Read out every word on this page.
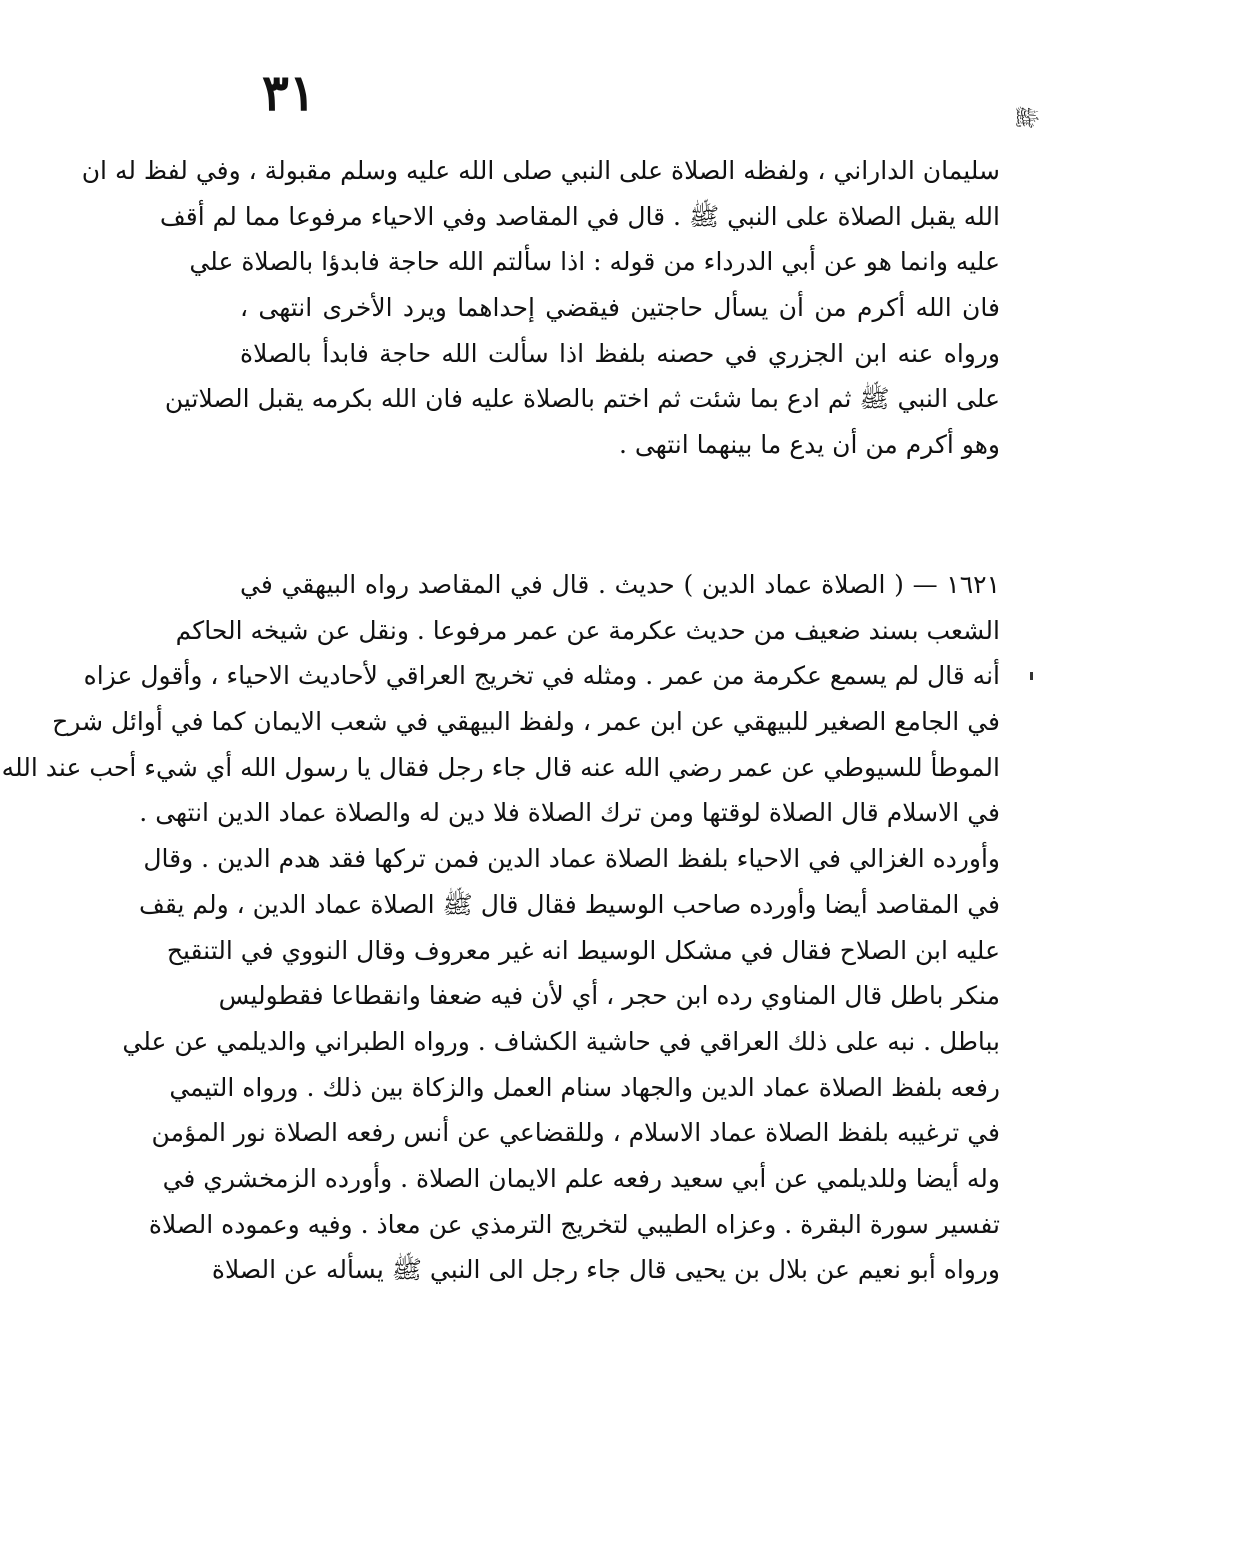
٣١	ﷺ
سليمان الداراني ، ولفظه الصلاة على النبي صلى الله عليه وسلم مقبولة ، وفي لفظ له ان
الله يقبل الصلاة على النبي ﷺ . قال في المقاصد وفي الاحياء مرفوعا مما لم أقف
عليه وانما هو عن أبي الدرداء من قوله : اذا سألتم الله حاجة فابدؤا بالصلاة علي
فان الله أكرم من أن يسأل حاجتين فيقضي إحداهما ويرد الأخرى انتهى ،
ورواه عنه ابن الجزري في حصنه بلفظ اذا سألت الله حاجة فابدأ بالصلاة
على النبي ﷺ ثم ادع بما شئت ثم اختم بالصلاة عليه فان الله بكرمه يقبل الصلاتين
وهو أكرم من أن يدع ما بينهما انتهى .
١٦٢١ — ( الصلاة عماد الدين ) حديث . قال في المقاصد رواه البيهقي في
الشعب بسند ضعيف من حديث عكرمة عن عمر مرفوعا . ونقل عن شيخه الحاكم
أنه قال لم يسمع عكرمة من عمر . ومثله في تخريج العراقي لأحاديث الاحياء ، وأقول عزاه
في الجامع الصغير للبيهقي عن ابن عمر ، ولفظ البيهقي في شعب الايمان كما في أوائل شرح
الموطأ للسيوطي عن عمر رضي الله عنه قال جاء رجل فقال يا رسول الله أي شيء أحب عند الله
في الاسلام قال الصلاة لوقتها ومن ترك الصلاة فلا دين له والصلاة عماد الدين انتهى .
وأورده الغزالي في الاحياء بلفظ الصلاة عماد الدين فمن تركها فقد هدم الدين . وقال
في المقاصد أيضا وأورده صاحب الوسيط فقال قال ﷺ الصلاة عماد الدين ، ولم يقف
عليه ابن الصلاح فقال في مشكل الوسيط انه غير معروف وقال النووي في التنقيح
منكر باطل قال المناوي رده ابن حجر ، أي لأن فيه ضعفا وانقطاعا فقطوليس
بباطل . نبه على ذلك العراقي في حاشية الكشاف . ورواه الطبراني والديلمي عن علي
رفعه بلفظ الصلاة عماد الدين والجهاد سنام العمل والزكاة بين ذلك . ورواه التيمي
في ترغيبه بلفظ الصلاة عماد الاسلام ، وللقضاعي عن أنس رفعه الصلاة نور المؤمن
وله أيضا وللديلمي عن أبي سعيد رفعه علم الايمان الصلاة . وأورده الزمخشري في
تفسير سورة البقرة . وعزاه الطيبي لتخريج الترمذي عن معاذ . وفيه وعموده الصلاة
ورواه أبو نعيم عن بلال بن يحيى قال جاء رجل الى النبي ﷺ يسأله عن الصلاة
